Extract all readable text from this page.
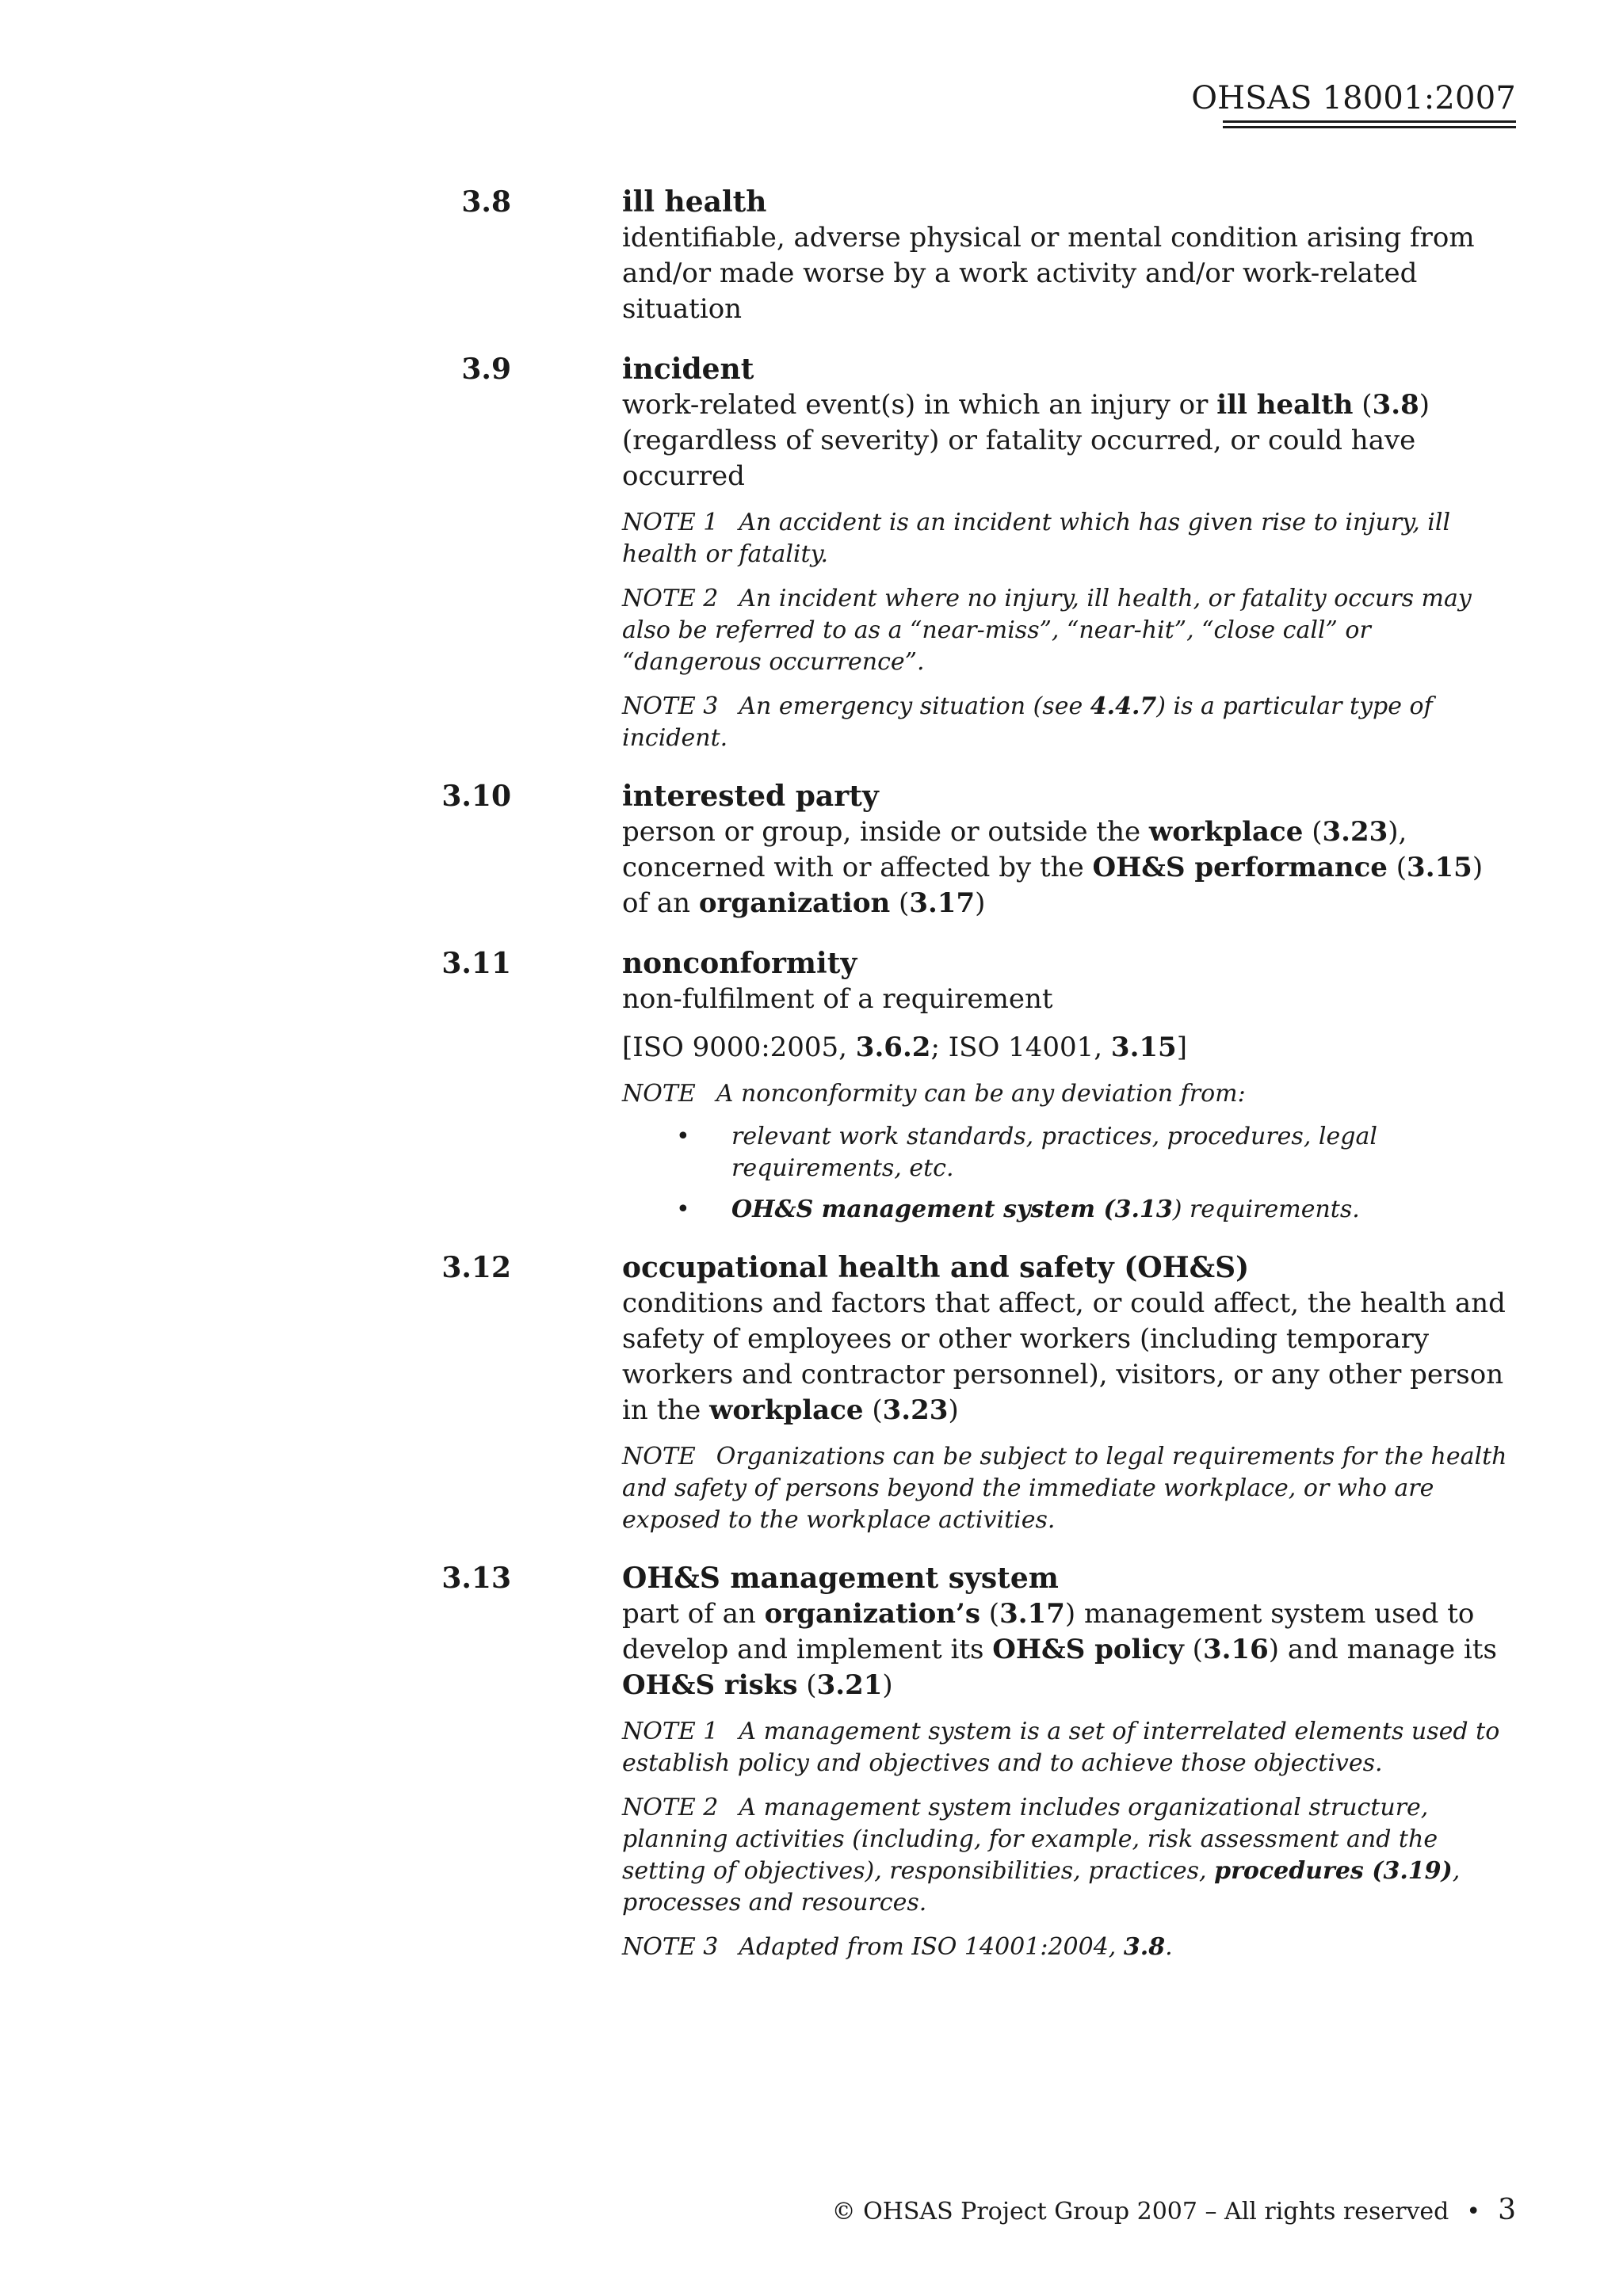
OHSAS 18001:2007
3.8	ill health
identifiable, adverse physical or mental condition arising from and/or made worse by a work activity and/or work-related situation
3.9	incident
work-related event(s) in which an injury or ill health (3.8) (regardless of severity) or fatality occurred, or could have occurred
NOTE 1 An accident is an incident which has given rise to injury, ill health or fatality.
NOTE 2 An incident where no injury, ill health, or fatality occurs may also be referred to as a “near-miss”, “near-hit”, “close call” or “dangerous occurrence”.
NOTE 3 An emergency situation (see 4.4.7) is a particular type of incident.
3.10	interested party
person or group, inside or outside the workplace (3.23), concerned with or affected by the OH&S performance (3.15) of an organization (3.17)
3.11	nonconformity
non-fulfilment of a requirement
[ISO 9000:2005, 3.6.2; ISO 14001, 3.15]
NOTE A nonconformity can be any deviation from:
• relevant work standards, practices, procedures, legal requirements, etc.
• OH&S management system (3.13) requirements.
3.12	occupational health and safety (OH&S)
conditions and factors that affect, or could affect, the health and safety of employees or other workers (including temporary workers and contractor personnel), visitors, or any other person in the workplace (3.23)
NOTE Organizations can be subject to legal requirements for the health and safety of persons beyond the immediate workplace, or who are exposed to the workplace activities.
3.13	OH&S management system
part of an organization’s (3.17) management system used to develop and implement its OH&S policy (3.16) and manage its OH&S risks (3.21)
NOTE 1 A management system is a set of interrelated elements used to establish policy and objectives and to achieve those objectives.
NOTE 2 A management system includes organizational structure, planning activities (including, for example, risk assessment and the setting of objectives), responsibilities, practices, procedures (3.19), processes and resources.
NOTE 3 Adapted from ISO 14001:2004, 3.8.
© OHSAS Project Group 2007 – All rights reserved • 3
